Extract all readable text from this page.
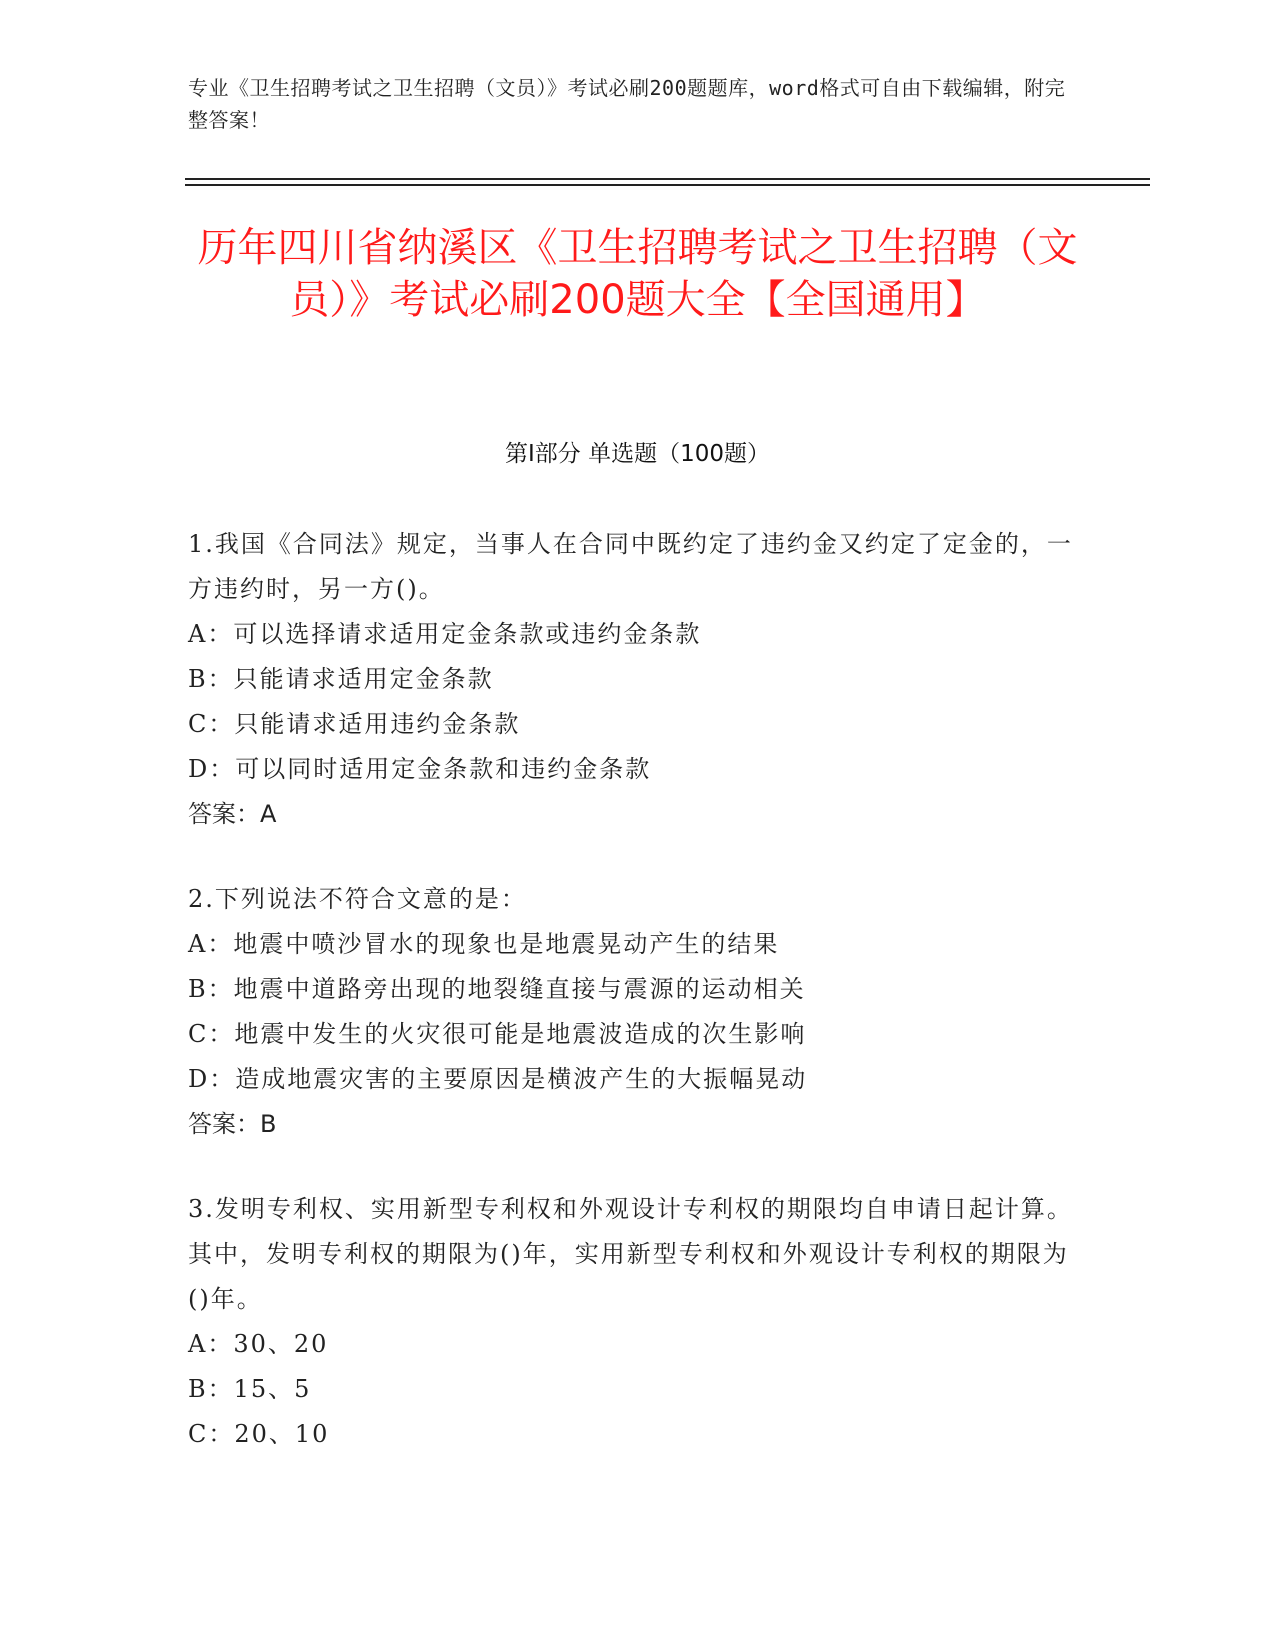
专业《卫生招聘考试之卫生招聘（文员）》考试必刷200题题库，word格式可自由下载编辑，附完整答案！
历年四川省纳溪区《卫生招聘考试之卫生招聘（文员）》考试必刷200题大全【全国通用】
第I部分 单选题（100题）
1.我国《合同法》规定，当事人在合同中既约定了违约金又约定了定金的，一方违约时，另一方()。
A：可以选择请求适用定金条款或违约金条款
B：只能请求适用定金条款
C：只能请求适用违约金条款
D：可以同时适用定金条款和违约金条款
答案：A
2.下列说法不符合文意的是：
A：地震中喷沙冒水的现象也是地震晃动产生的结果
B：地震中道路旁出现的地裂缝直接与震源的运动相关
C：地震中发生的火灾很可能是地震波造成的次生影响
D：造成地震灾害的主要原因是横波产生的大振幅晃动
答案：B
3.发明专利权、实用新型专利权和外观设计专利权的期限均自申请日起计算。其中，发明专利权的期限为()年，实用新型专利权和外观设计专利权的期限为()年。
A：30、20
B：15、5
C：20、10
